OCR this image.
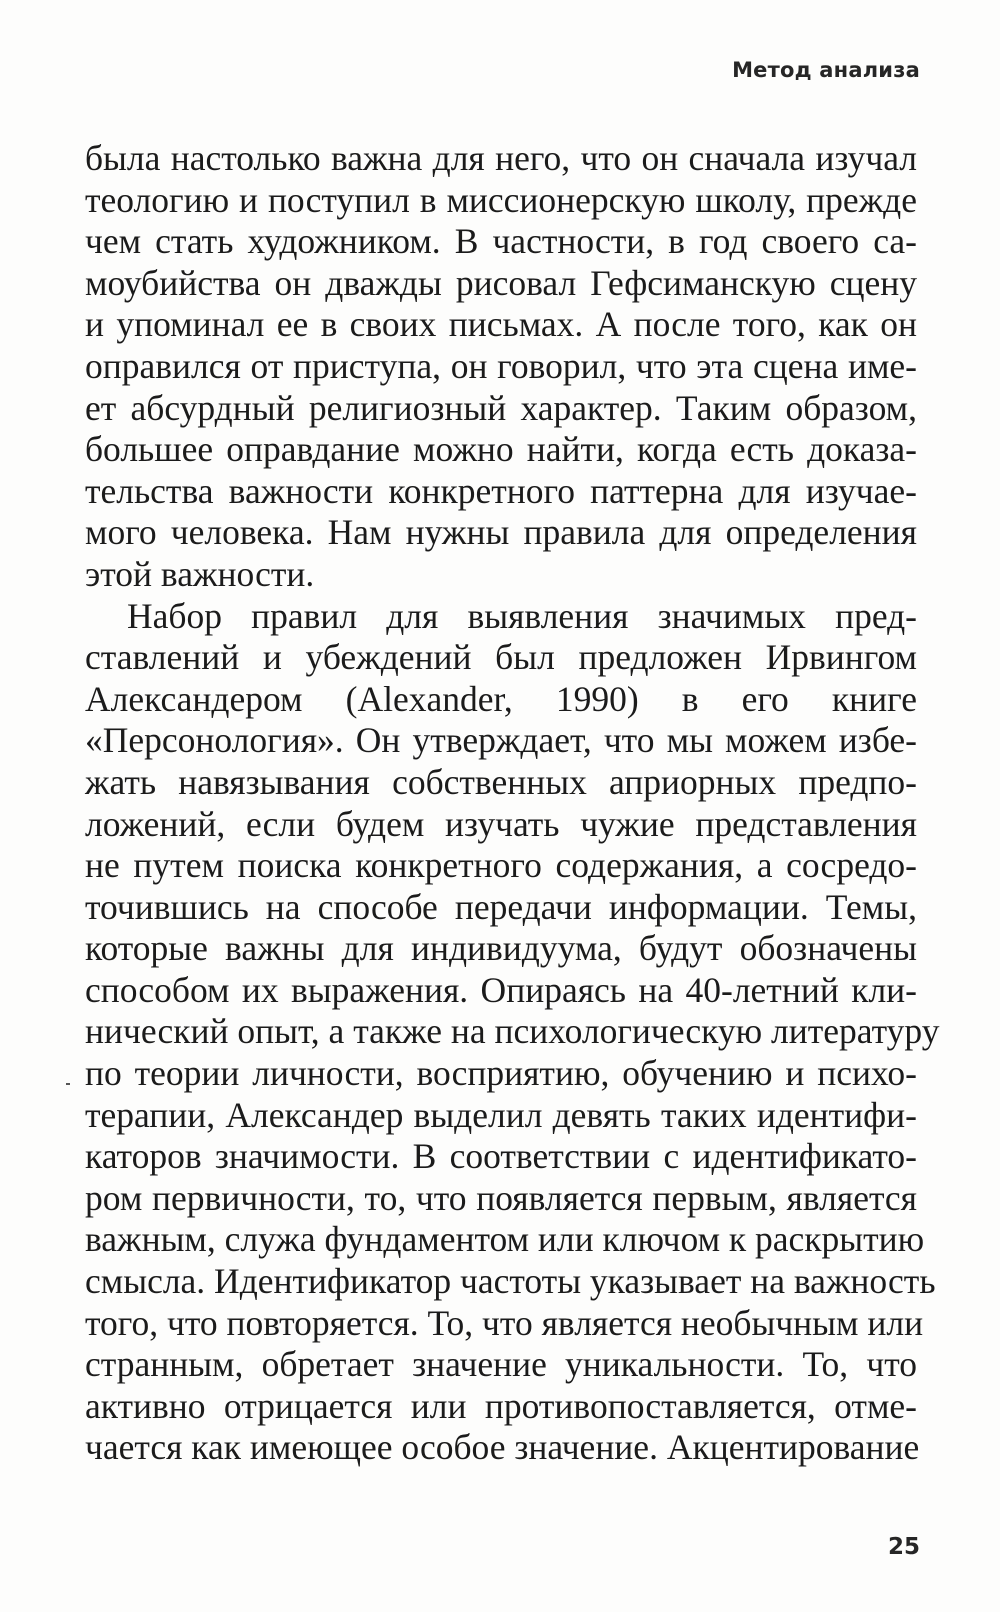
Метод анализа
была настолько важна для него, что он сначала изучал
теологию и поступил в миссионерскую школу, прежде
чем стать художником. В частности, в год своего са-
моубийства он дважды рисовал Гефсиманскую сцену
и упоминал ее в своих письмах. А после того, как он
оправился от приступа, он говорил, что эта сцена име-
ет абсурдный религиозный характер. Таким образом,
большее оправдание можно найти, когда есть доказа-
тельства важности конкретного паттерна для изучае-
мого человека. Нам нужны правила для определения
этой важности.
Набор правил для выявления значимых пред-
ставлений и убеждений был предложен Ирвингом
Александером (Alexander, 1990) в его книге
«Персонология». Он утверждает, что мы можем избе-
жать навязывания собственных априорных предпо-
ложений, если будем изучать чужие представления
не путем поиска конкретного содержания, а сосредо-
точившись на способе передачи информации. Темы,
которые важны для индивидуума, будут обозначены
способом их выражения. Опираясь на 40-летний кли-
нический опыт, а также на психологическую литературу
по теории личности, восприятию, обучению и психо-
терапии, Александер выделил девять таких идентифи-
каторов значимости. В соответствии с идентификато-
ром первичности, то, что появляется первым, является
важным, служа фундаментом или ключом к раскрытию
смысла. Идентификатор частоты указывает на важность
того, что повторяется. То, что является необычным или
странным, обретает значение уникальности. То, что
активно отрицается или противопоставляется, отме-
чается как имеющее особое значение. Акцентирование
25
